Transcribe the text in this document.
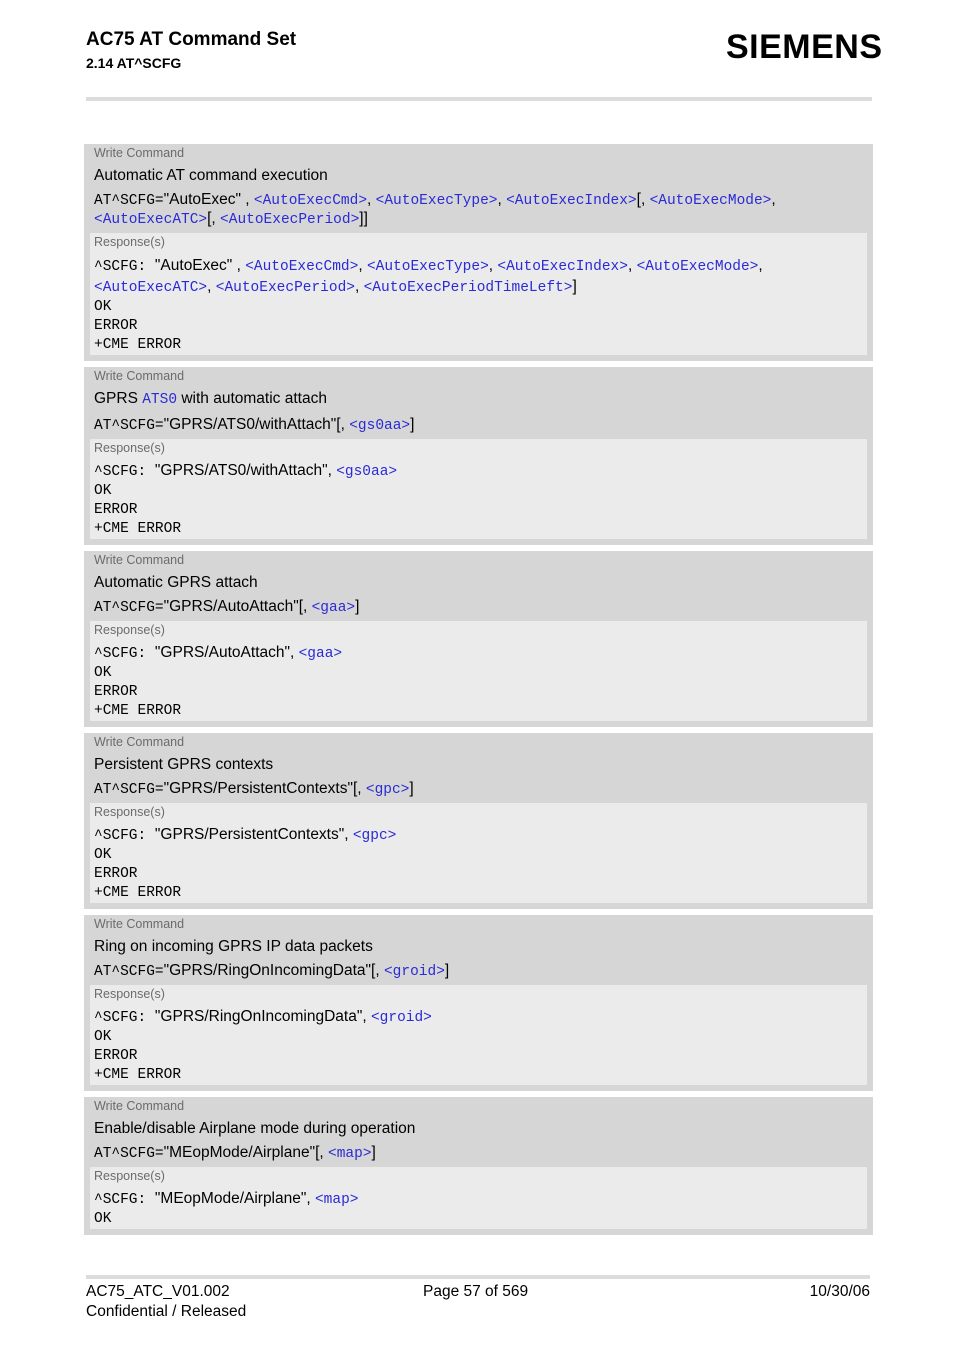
AC75 AT Command Set
2.14 AT^SCFG	SIEMENS
Write Command
Automatic AT command execution
AT^SCFG="AutoExec" , <AutoExecCmd>, <AutoExecType>, <AutoExecIndex>[, <AutoExecMode>,
<AutoExecATC>[, <AutoExecPeriod>]]
Response(s)
^SCFG: "AutoExec" , <AutoExecCmd>, <AutoExecType>, <AutoExecIndex>, <AutoExecMode>,
<AutoExecATC>, <AutoExecPeriod>, <AutoExecPeriodTimeLeft>]
OK
ERROR
+CME ERROR
Write Command
GPRS ATS0 with automatic attach
AT^SCFG="GPRS/ATS0/withAttach"[, <gs0aa>]
Response(s)
^SCFG: "GPRS/ATS0/withAttach", <gs0aa>
OK
ERROR
+CME ERROR
Write Command
Automatic GPRS attach
AT^SCFG="GPRS/AutoAttach"[, <gaa>]
Response(s)
^SCFG: "GPRS/AutoAttach", <gaa>
OK
ERROR
+CME ERROR
Write Command
Persistent GPRS contexts
AT^SCFG="GPRS/PersistentContexts"[, <gpc>]
Response(s)
^SCFG: "GPRS/PersistentContexts", <gpc>
OK
ERROR
+CME ERROR
Write Command
Ring on incoming GPRS IP data packets
AT^SCFG="GPRS/RingOnIncomingData"[, <groid>]
Response(s)
^SCFG: "GPRS/RingOnIncomingData", <groid>
OK
ERROR
+CME ERROR
Write Command
Enable/disable Airplane mode during operation
AT^SCFG="MEopMode/Airplane"[, <map>]
Response(s)
^SCFG: "MEopMode/Airplane", <map>
OK
AC75_ATC_V01.002
Confidential / Released
Page 57 of 569	10/30/06
